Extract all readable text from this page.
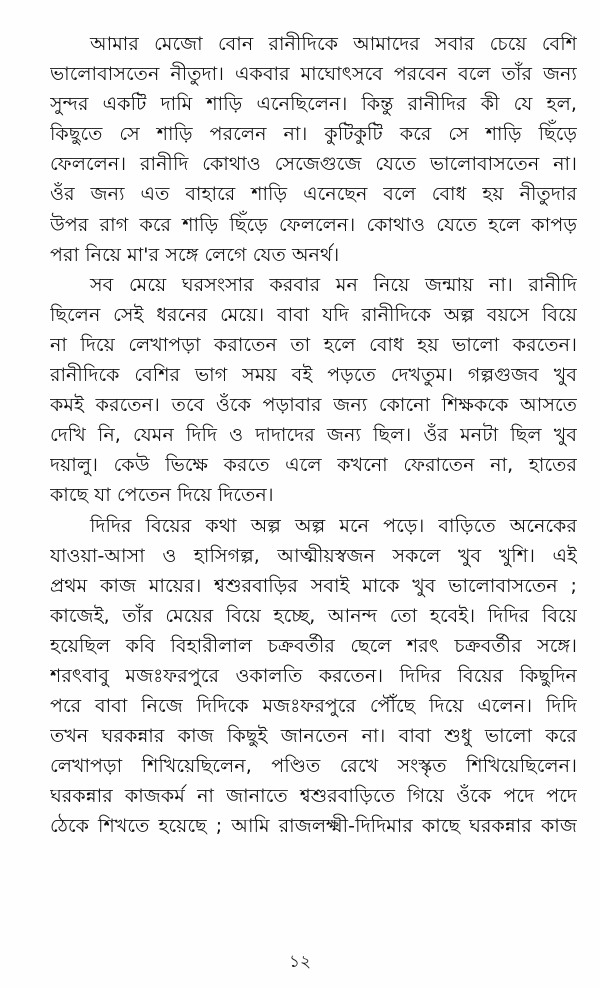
আমার মেজো বোন রানীদিকে আমাদের সবার চেয়ে বেশি
ভালোবাসতেন নীতুদা। একবার মাঘোৎসবে পরবেন বলে তাঁর জন্য
সুন্দর একটি দামি শাড়ি এনেছিলেন। কিন্তু রানীদির কী যে হল,
কিছুতে সে শাড়ি পরলেন না। কুটিকুটি করে সে শাড়ি ছিঁড়ে
ফেললেন। রানীদি কোথাও সেজেগুজে যেতে ভালোবাসতেন না।
ওঁর জন্য এত বাহারে শাড়ি এনেছেন বলে বোধ হয় নীতুদার
উপর রাগ করে শাড়ি ছিঁড়ে ফেললেন। কোথাও যেতে হলে কাপড়
পরা নিয়ে মা'র সঙ্গে লেগে যেত অনর্থ।
সব মেয়ে ঘরসংসার করবার মন নিয়ে জন্মায় না। রানীদি
ছিলেন সেই ধরনের মেয়ে। বাবা যদি রানীদিকে অল্প বয়সে বিয়ে
না দিয়ে লেখাপড়া করাতেন তা হলে বোধ হয় ভালো করতেন।
রানীদিকে বেশির ভাগ সময় বই পড়তে দেখতুম। গল্পগুজব খুব
কমই করতেন। তবে ওঁকে পড়াবার জন্য কোনো শিক্ষককে আসতে
দেখি নি, যেমন দিদি ও দাদাদের জন্য ছিল। ওঁর মনটা ছিল খুব
দয়ালু। কেউ ভিক্ষে করতে এলে কখনো ফেরাতেন না, হাতের
কাছে যা পেতেন দিয়ে দিতেন।
দিদির বিয়ের কথা অল্প অল্প মনে পড়ে। বাড়িতে অনেকের
যাওয়া-আসা ও হাসিগল্প, আত্মীয়স্বজন সকলে খুব খুশি। এই
প্রথম কাজ মায়ের। শ্বশুরবাড়ির সবাই মাকে খুব ভালোবাসতেন ;
কাজেই, তাঁর মেয়ের বিয়ে হচ্ছে, আনন্দ তো হবেই। দিদির বিয়ে
হয়েছিল কবি বিহারীলাল চক্রবর্তীর ছেলে শরৎ চক্রবর্তীর সঙ্গে।
শরৎবাবু মজঃফরপুরে ওকালতি করতেন। দিদির বিয়ের কিছুদিন
পরে বাবা নিজে দিদিকে মজঃফরপুরে পৌঁছে দিয়ে এলেন। দিদি
তখন ঘরকন্নার কাজ কিছুই জানতেন না। বাবা শুধু ভালো করে
লেখাপড়া শিখিয়েছিলেন, পণ্ডিত রেখে সংস্কৃত শিখিয়েছিলেন।
ঘরকন্নার কাজকর্ম না জানাতে শ্বশুরবাড়িতে গিয়ে ওঁকে পদে পদে
ঠেকে শিখতে হয়েছে ; আমি রাজলক্ষ্মী-দিদিমার কাছে ঘরকন্নার কাজ
১২
